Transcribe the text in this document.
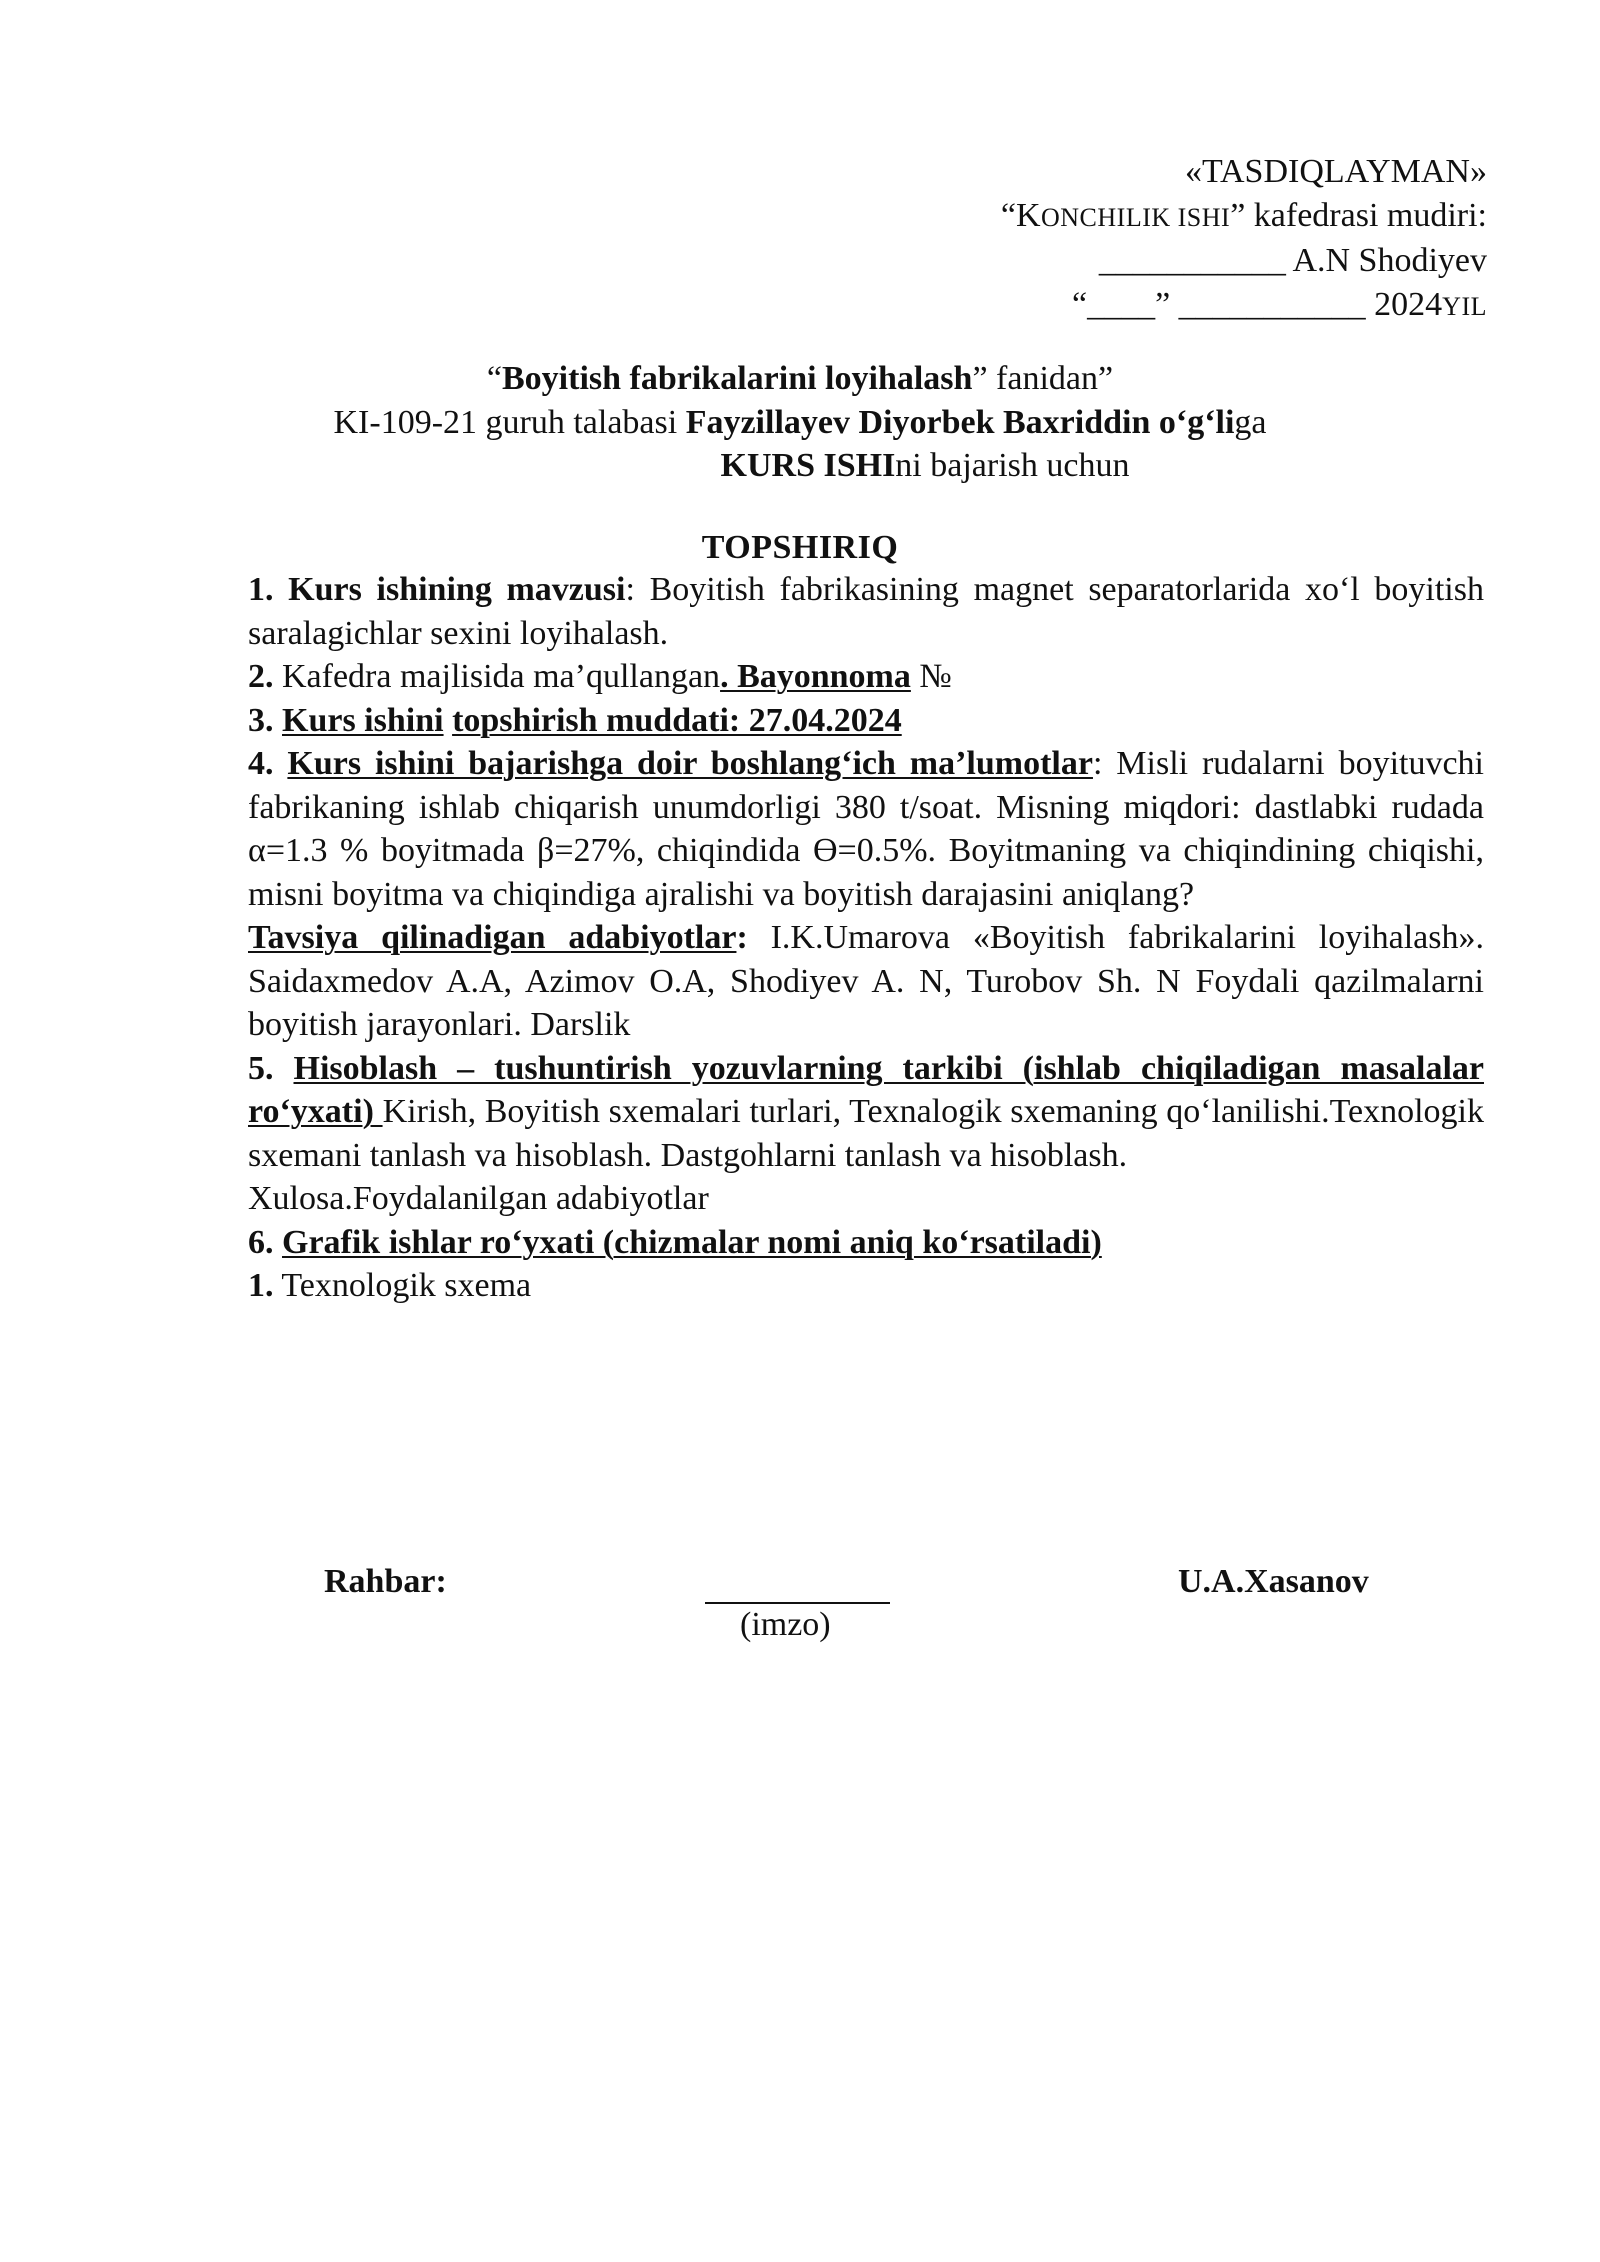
«TASDIQLAYMAN»
“KONCHILIK ISHI” kafedrasi mudiri:
___________ A.N Shodiyev
“____” ___________ 2024YIL
“Boyitish fabrikalarini loyihalash” fanidan”
KI-109-21 guruh talabasi Fayzillayev Diyorbek Baxriddin o‘g‘liga
KURS ISHIni bajarish uchun
TOPSHIRIQ

1. Kurs ishining mavzusi: Boyitish fabrikasining magnet separatorlarida xo‘l boyitish saralagichlar sexini loyihalash.

2. Kafedra majlisida ma’qullangan. Bayonnoma №

3. Kurs ishini topshirish muddati: 27.04.2024

4. Kurs ishini bajarishga doir boshlang‘ich ma’lumotlar: Misli rudalarni boyituvchi fabrikaning ishlab chiqarish unumdorligi 380 t/soat. Misning miqdori: dastlabki rudada α=1.3 % boyitmada β=27%, chiqindida Ө=0.5%. Boyitmaning va chiqindining chiqishi, misni boyitma va chiqindiga ajralishi va boyitish darajasini aniqlang?

Tavsiya qilinadigan adabiyotlar: I.K.Umarova «Boyitish fabrikalarini loyihalash». Saidaxmedov A.A, Azimov O.A, Shodiyev A. N, Turobov Sh. N Foydali qazilmalarni boyitish jarayonlari. Darslik

5. Hisoblash – tushuntirish yozuvlarning tarkibi (ishlab chiqiladigan masalalar ro‘yxati) Kirish, Boyitish sxemalari turlari, Texnalogik sxemaning qo‘lanilishi.Texnologik sxemani tanlash va hisoblash. Dastgohlarni tanlash va hisoblash.

Xulosa.Foydalanilgan adabiyotlar

6. Grafik ishlar ro‘yxati (chizmalar nomi aniq ko‘rsatiladi)

1. Texnologik sxema

Rahbar:
(imzo)
U.A.Xasanov
